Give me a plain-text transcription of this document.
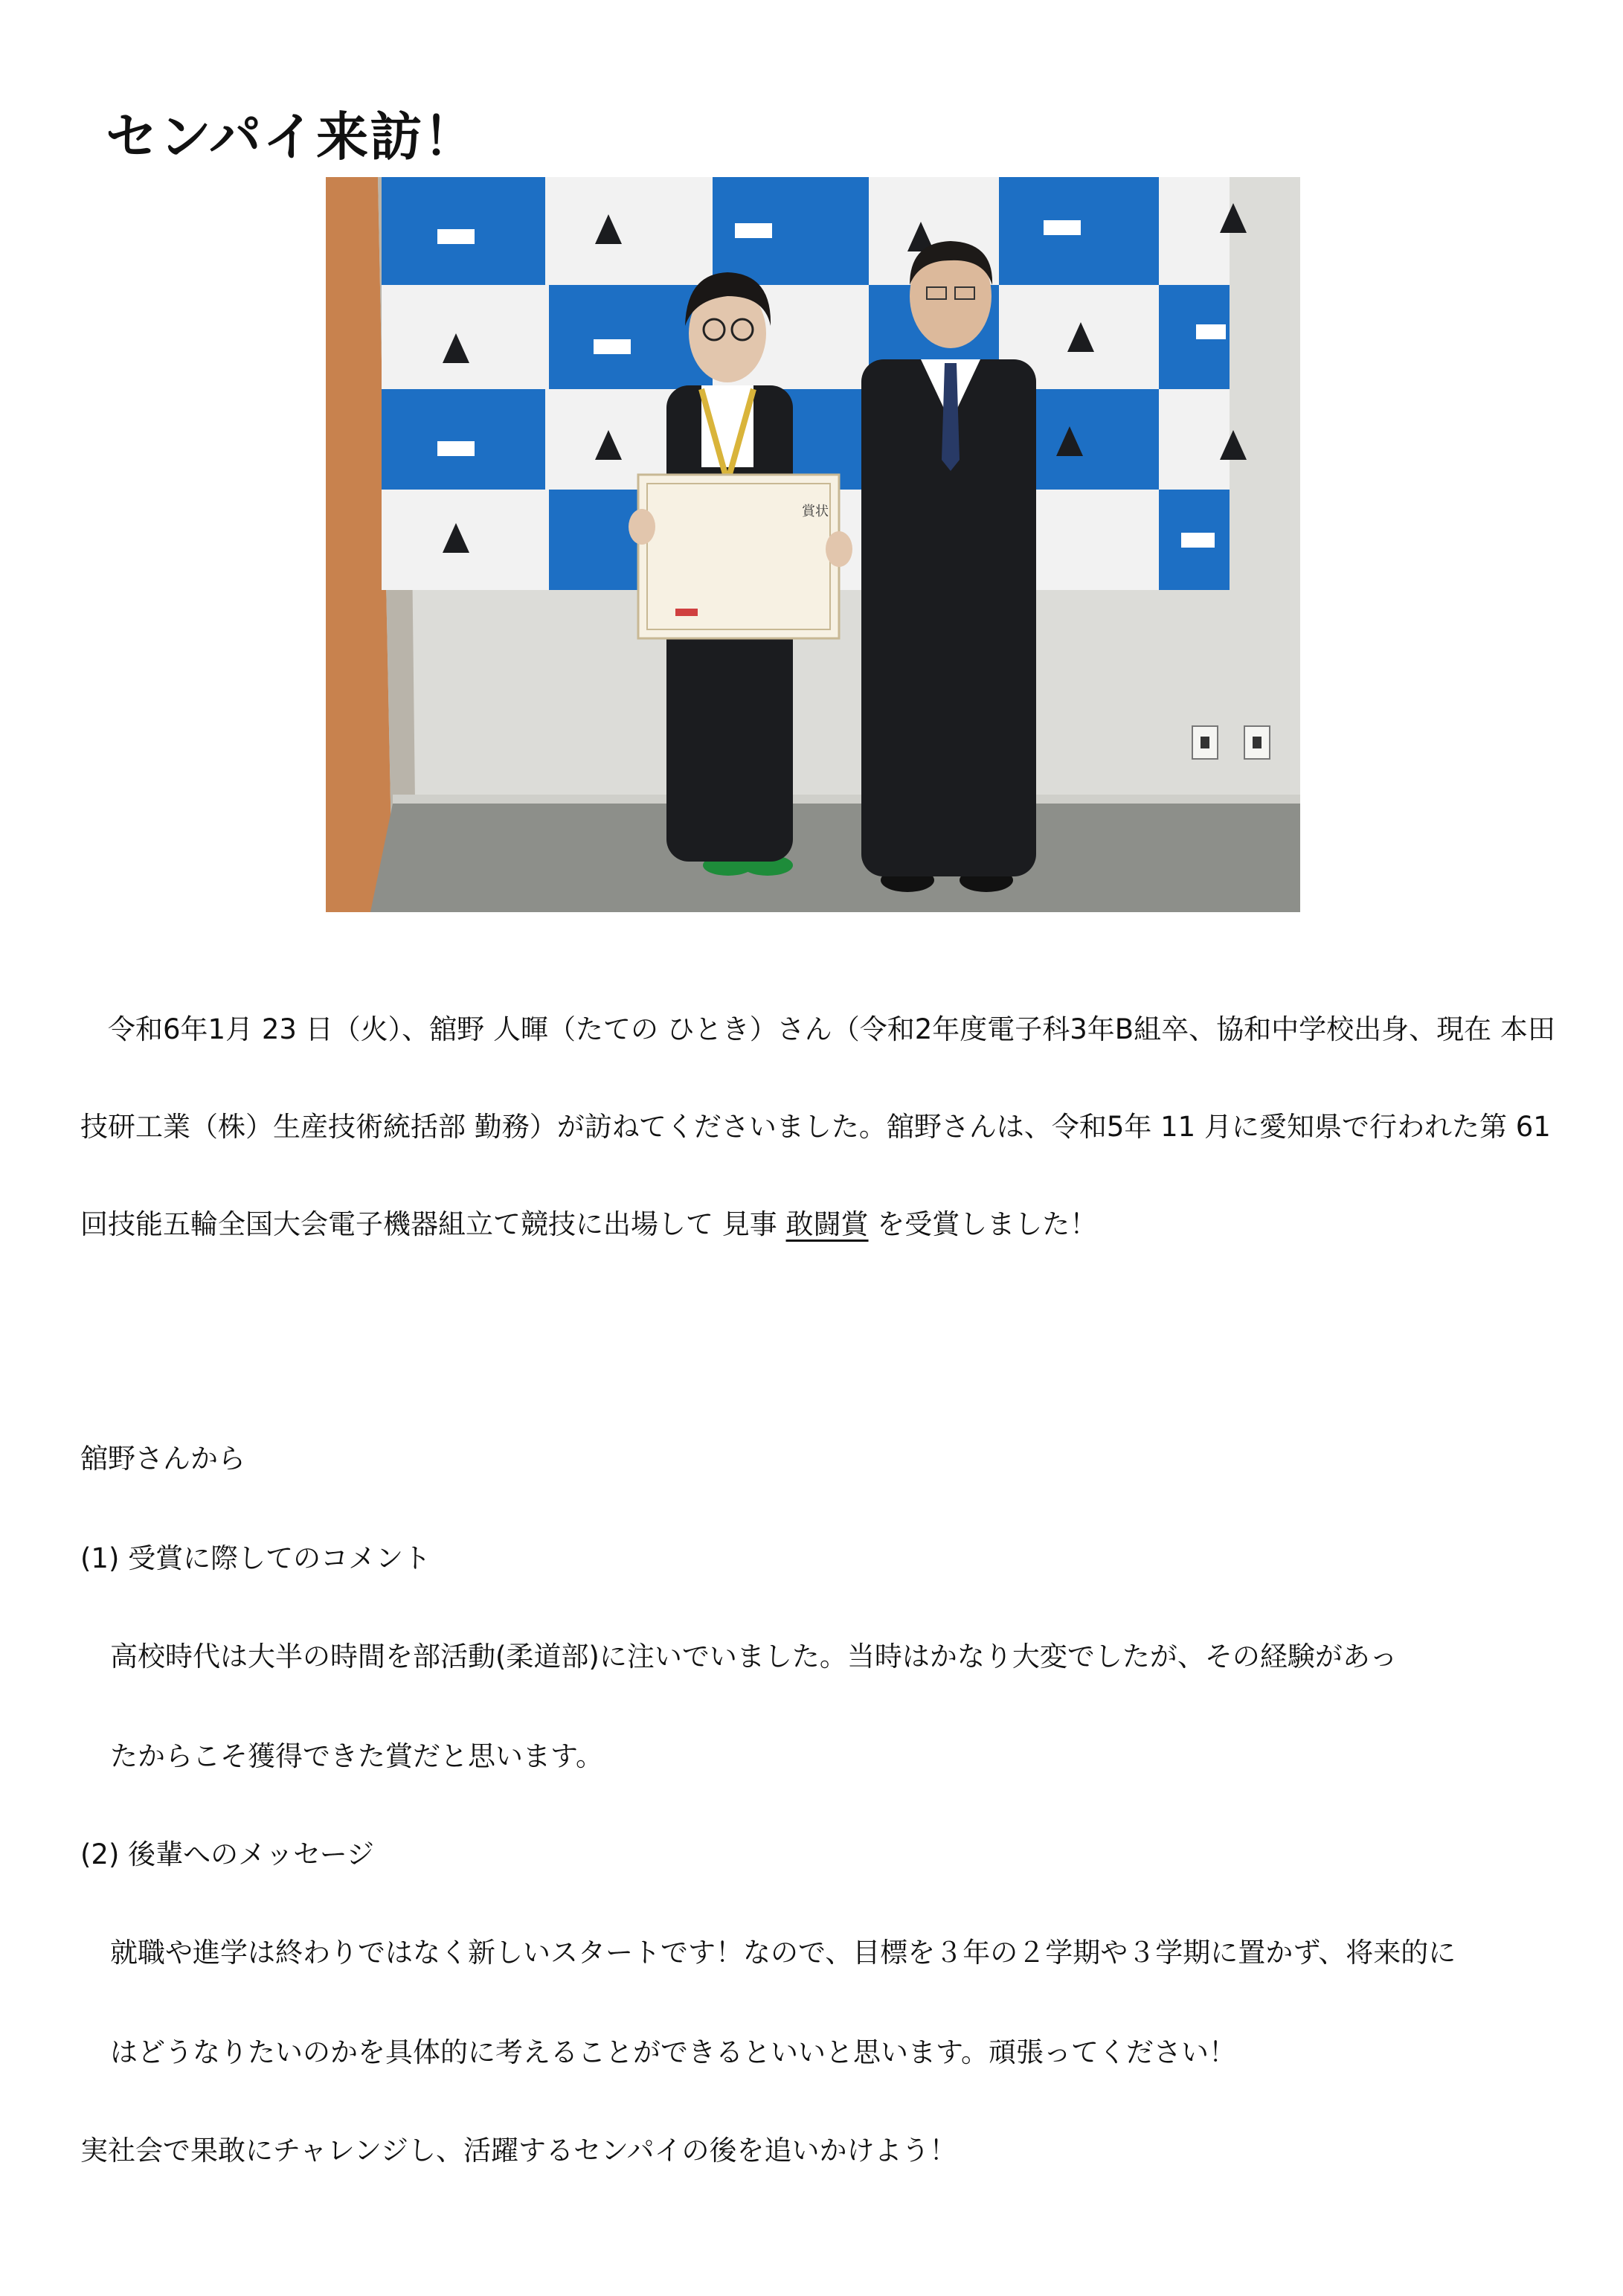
センパイ来訪！
賞状

　令和6年1月 23 日（火）、舘野 人暉（たての ひとき）さん（令和2年度電子科3年B組卒、協和中学校出身、現在 本田技研工業（株）生産技術統括部 勤務）が訪ねてくださいました。舘野さんは、令和5年 11 月に愛知県で行われた第 61 回技能五輪全国大会電子機器組立て競技に出場して 見事 敢闘賞 を受賞しました！

舘野さんから
(1) 受賞に際してのコメント
高校時代は大半の時間を部活動(柔道部)に注いでいました。当時はかなり大変でしたが、その経験があっ
たからこそ獲得できた賞だと思います。
(2) 後輩へのメッセージ
就職や進学は終わりではなく新しいスタートです！なので、目標を３年の２学期や３学期に置かず、将来的に
はどうなりたいのかを具体的に考えることができるといいと思います。頑張ってください！
実社会で果敢にチャレンジし、活躍するセンパイの後を追いかけよう！
